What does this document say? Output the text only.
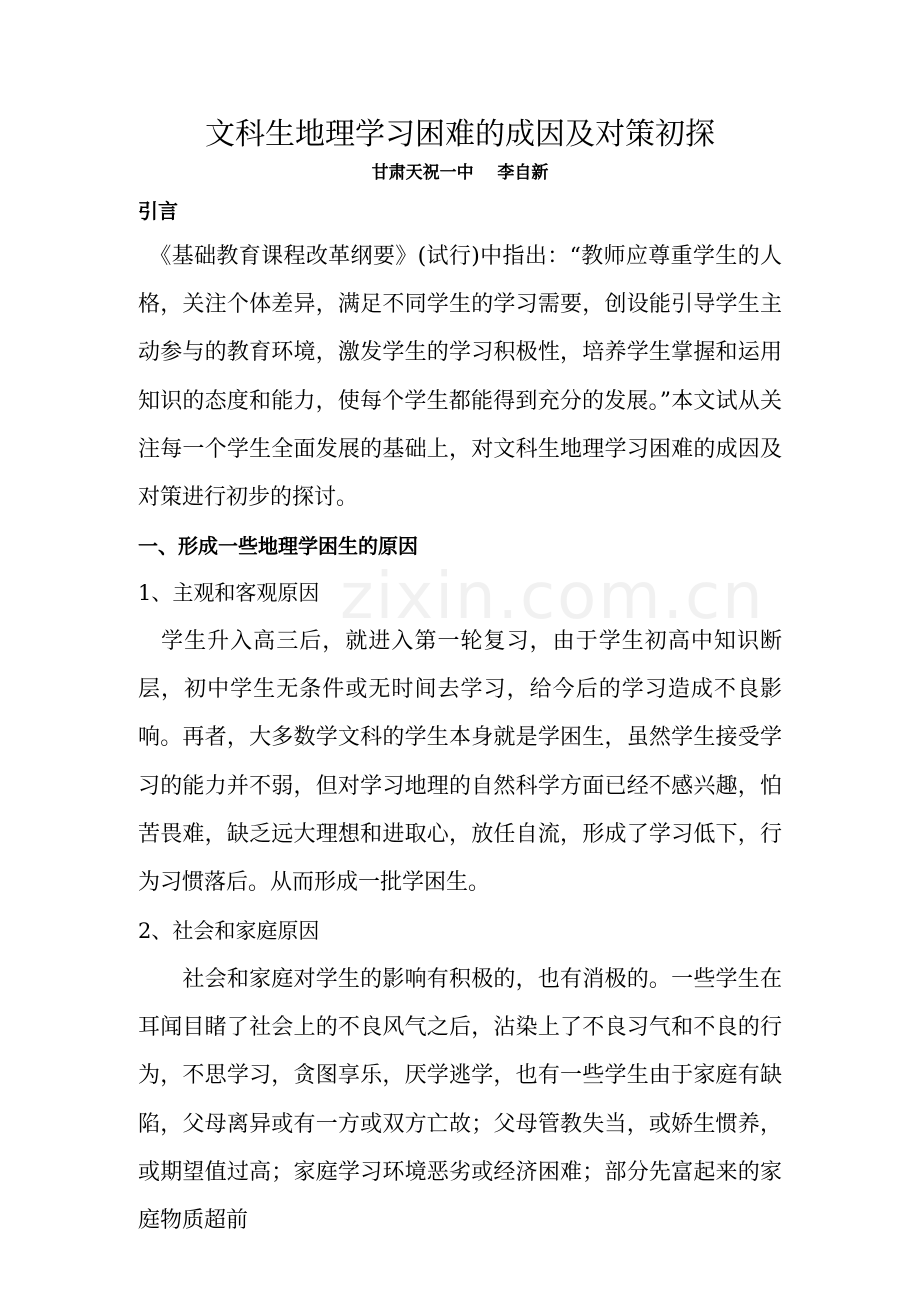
zixin.com.cn
文科生地理学习困难的成因及对策初探
甘肃天祝一中    李自新
引言

　《基础教育课程改革纲要》(试行)中指出：“教师应尊重学生的人格，关注个体差异，满足不同学生的学习需要，创设能引导学生主动参与的教育环境，激发学生的学习积极性，培养学生掌握和运用知识的态度和能力，使每个学生都能得到充分的发展。”本文试从关注每一个学生全面发展的基础上，对文科生地理学习困难的成因及对策进行初步的探讨。

一、形成一些地理学困生的原因
1、主观和客观原因

　学生升入高三后，就进入第一轮复习，由于学生初高中知识断层，初中学生无条件或无时间去学习，给今后的学习造成不良影响。再者，大多数学文科的学生本身就是学困生，虽然学生接受学习的能力并不弱，但对学习地理的自然科学方面已经不感兴趣，怕苦畏难，缺乏远大理想和进取心，放任自流，形成了学习低下，行为习惯落后。从而形成一批学困生。

2、社会和家庭原因

　　社会和家庭对学生的影响有积极的，也有消极的。一些学生在耳闻目睹了社会上的不良风气之后，沾染上了不良习气和不良的行为，不思学习，贪图享乐，厌学逃学，也有一些学生由于家庭有缺陷，父母离异或有一方或双方亡故；父母管教失当，或娇生惯养，或期望值过高；家庭学习环境恶劣或经济困难；部分先富起来的家庭物质超前
